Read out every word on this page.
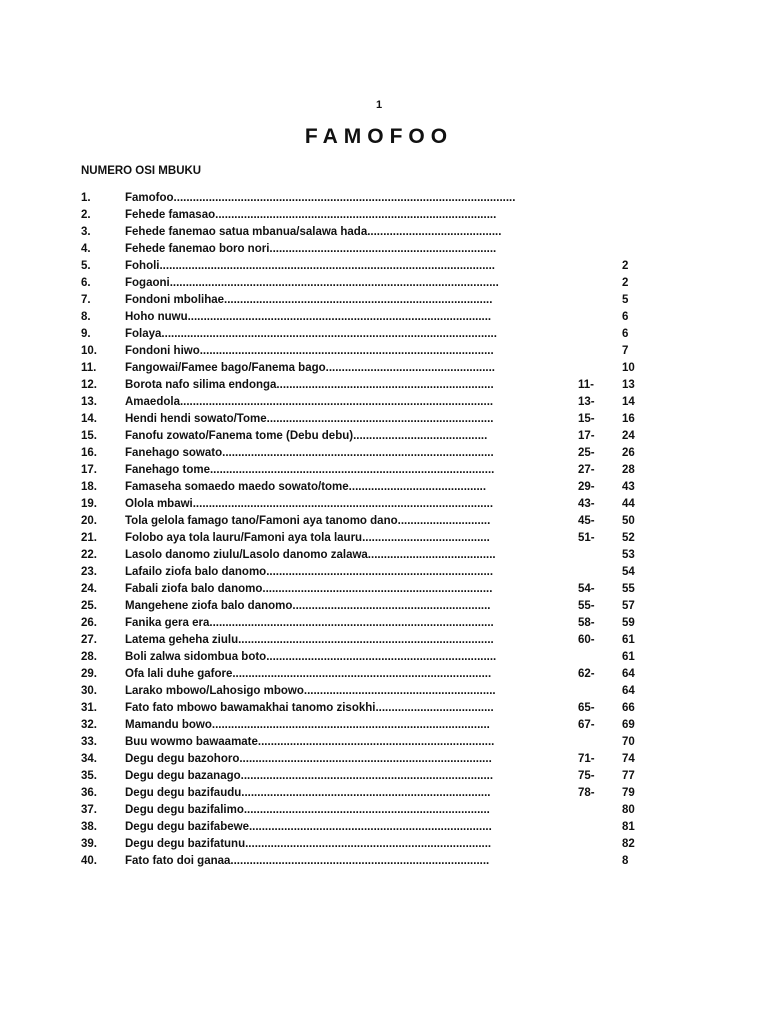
1
FAMOFOO
NUMERO OSI MBUKU
1.	Famofoo...........................................................................................................
2.	Fehede famasao........................................................................................
3.	Fehede fanemao satua mbanua/salawa hada..........................................
4.	Fehede fanemao boro nori.......................................................................
5.	Foholi.........................................................................................................	2
6.	Fogaoni.......................................................................................................	2
7.	Fondoni mbolihae....................................................................................	5
8.	Hoho nuwu...............................................................................................	6
9.	Folaya.........................................................................................................	6
10. Fondoni hiwo............................................................................................	7
11. Fangowai/Famee bago/Fanema bago.....................................................	10
12. Borota nafo silima endonga....................................................................	11- 13
13. Amaedola..................................................................................................	13- 14
14. Hendi hendi sowato/Tome.......................................................................	15- 16
15. Fanofu zowato/Fanema tome (Debu debu)..........................................	17- 24
16. Fanehago sowato.....................................................................................	25- 26
17. Fanehago tome.........................................................................................	27- 28
18. Famaseha somaedo maedo sowato/tome...........................................	29- 43
19. Olola mbawi..............................................................................................	43- 44
20. Tola gelola famago tano/Famoni aya tanomo dano.............................	45- 50
21. Folobo aya tola lauru/Famoni aya tola lauru........................................	51- 52
22. Lasolo danomo ziulu/Lasolo danomo zalawa........................................	53
23. Lafailo ziofa balo danomo.......................................................................	54
24. Fabali ziofa balo danomo........................................................................	54- 55
25. Mangehene ziofa balo danomo..............................................................	55- 57
26. Fanika gera era.........................................................................................	58- 59
27. Latema geheha ziulu................................................................................	60- 61
28. Boli zalwa sidombua boto........................................................................	61
29. Ofa lali duhe gafore.................................................................................	62- 64
30. Larako mbowo/Lahosigo mbowo............................................................	64
31. Fato fato mbowo bawamakhai tanomo zisokhi.....................................	65- 66
32. Mamandu bowo.......................................................................................	67- 69
33. Buu wowmo bawaamate..........................................................................	70
34. Degu degu bazohoro...............................................................................	71- 74
35. Degu degu bazanago...............................................................................	75- 77
36. Degu degu bazifaudu..............................................................................	78- 79
37. Degu degu bazifalimo.............................................................................	80
38. Degu degu bazifabewe............................................................................	81
39. Degu degu bazifatunu.............................................................................	82
40. Fato fato doi ganaa.................................................................................	8
